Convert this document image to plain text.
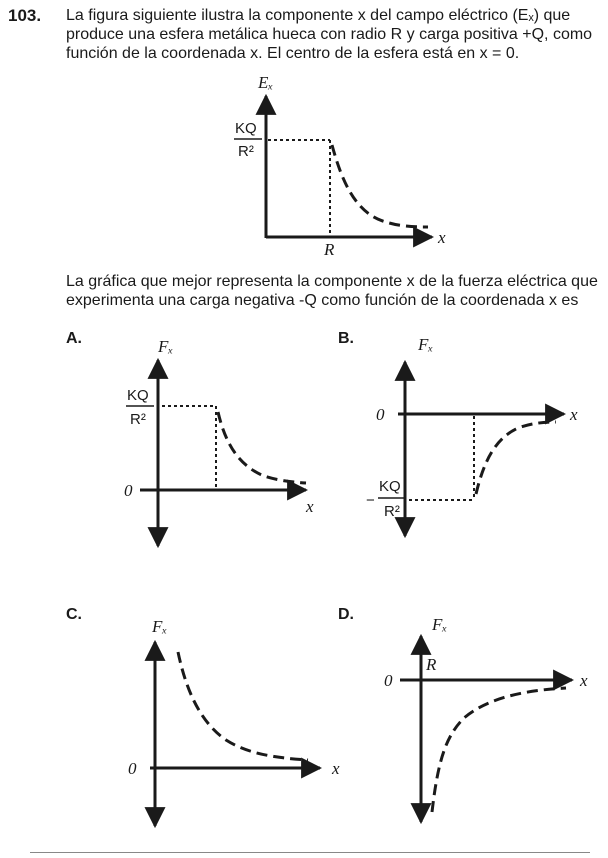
103. La figura siguiente ilustra la componente x del campo eléctrico (Eₓ) que

produce una esfera metálica hueca con radio R y carga positiva +Q, como

función de la coordenada x. El centro de la esfera está en x = 0.

La gráfica que mejor representa la componente x de la fuerza eléctrica que

experimenta una carga negativa -Q como función de la coordenada x es

A.	B.
C.	D.
Eₓ
KQ
R²
R
x
Fₓ
KQ
R²
0
x
Fₓ
0
−
KQ
R²
x
Fₓ
0	x
Fₓ
0
R
x
